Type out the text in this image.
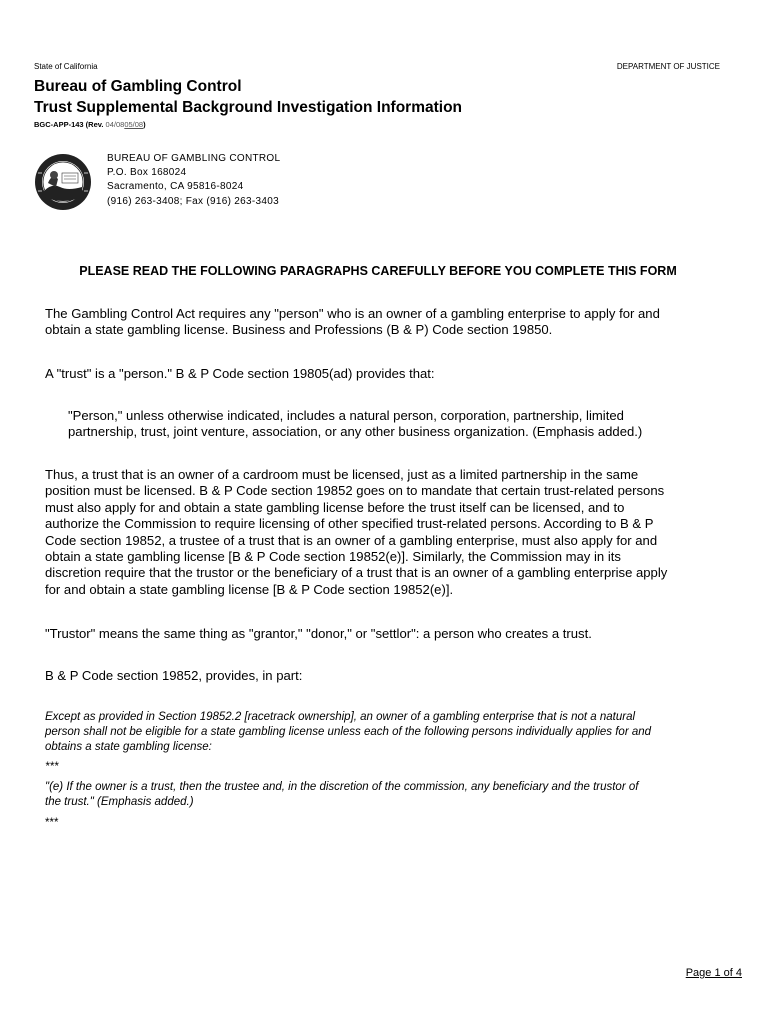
State of California	DEPARTMENT OF JUSTICE
Bureau of Gambling Control
Trust Supplemental Background Investigation Information
BGC-APP-143 (Rev. 04/0805/08)
BUREAU OF GAMBLING CONTROL
P.O. Box 168024
Sacramento, CA 95816-8024
(916) 263-3408; Fax (916) 263-3403
PLEASE READ THE FOLLOWING PARAGRAPHS CAREFULLY BEFORE YOU COMPLETE THIS FORM
The Gambling Control Act requires any "person" who is an owner of a gambling enterprise to apply for and
obtain a state gambling license. Business and Professions (B & P) Code section 19850.
A "trust" is a "person." B & P Code section 19805(ad) provides that:
"Person," unless otherwise indicated, includes a natural person, corporation, partnership, limited
partnership, trust, joint venture, association, or any other business organization. (Emphasis added.)
Thus, a trust that is an owner of a cardroom must be licensed, just as a limited partnership in the same
position must be licensed. B & P Code section 19852 goes on to mandate that certain trust-related persons
must also apply for and obtain a state gambling license before the trust itself can be licensed, and to
authorize the Commission to require licensing of other specified trust-related persons. According to B & P
Code section 19852, a trustee of a trust that is an owner of a gambling enterprise, must also apply for and
obtain a state gambling license [B & P Code section 19852(e)]. Similarly, the Commission may in its
discretion require that the trustor or the beneficiary of a trust that is an owner of a gambling enterprise apply
for and obtain a state gambling license [B & P Code section 19852(e)].
"Trustor" means the same thing as "grantor," "donor," or "settlor": a person who creates a trust.
B & P Code section 19852, provides, in part:
Except as provided in Section 19852.2 [racetrack ownership], an owner of a gambling enterprise that is not a natural
person shall not be eligible for a state gambling license unless each of the following persons individually applies for and
obtains a state gambling license:
***
"(e) If the owner is a trust, then the trustee and, in the discretion of the commission, any beneficiary and the trustor of
the trust." (Emphasis added.)
***
Page 1 of 4
